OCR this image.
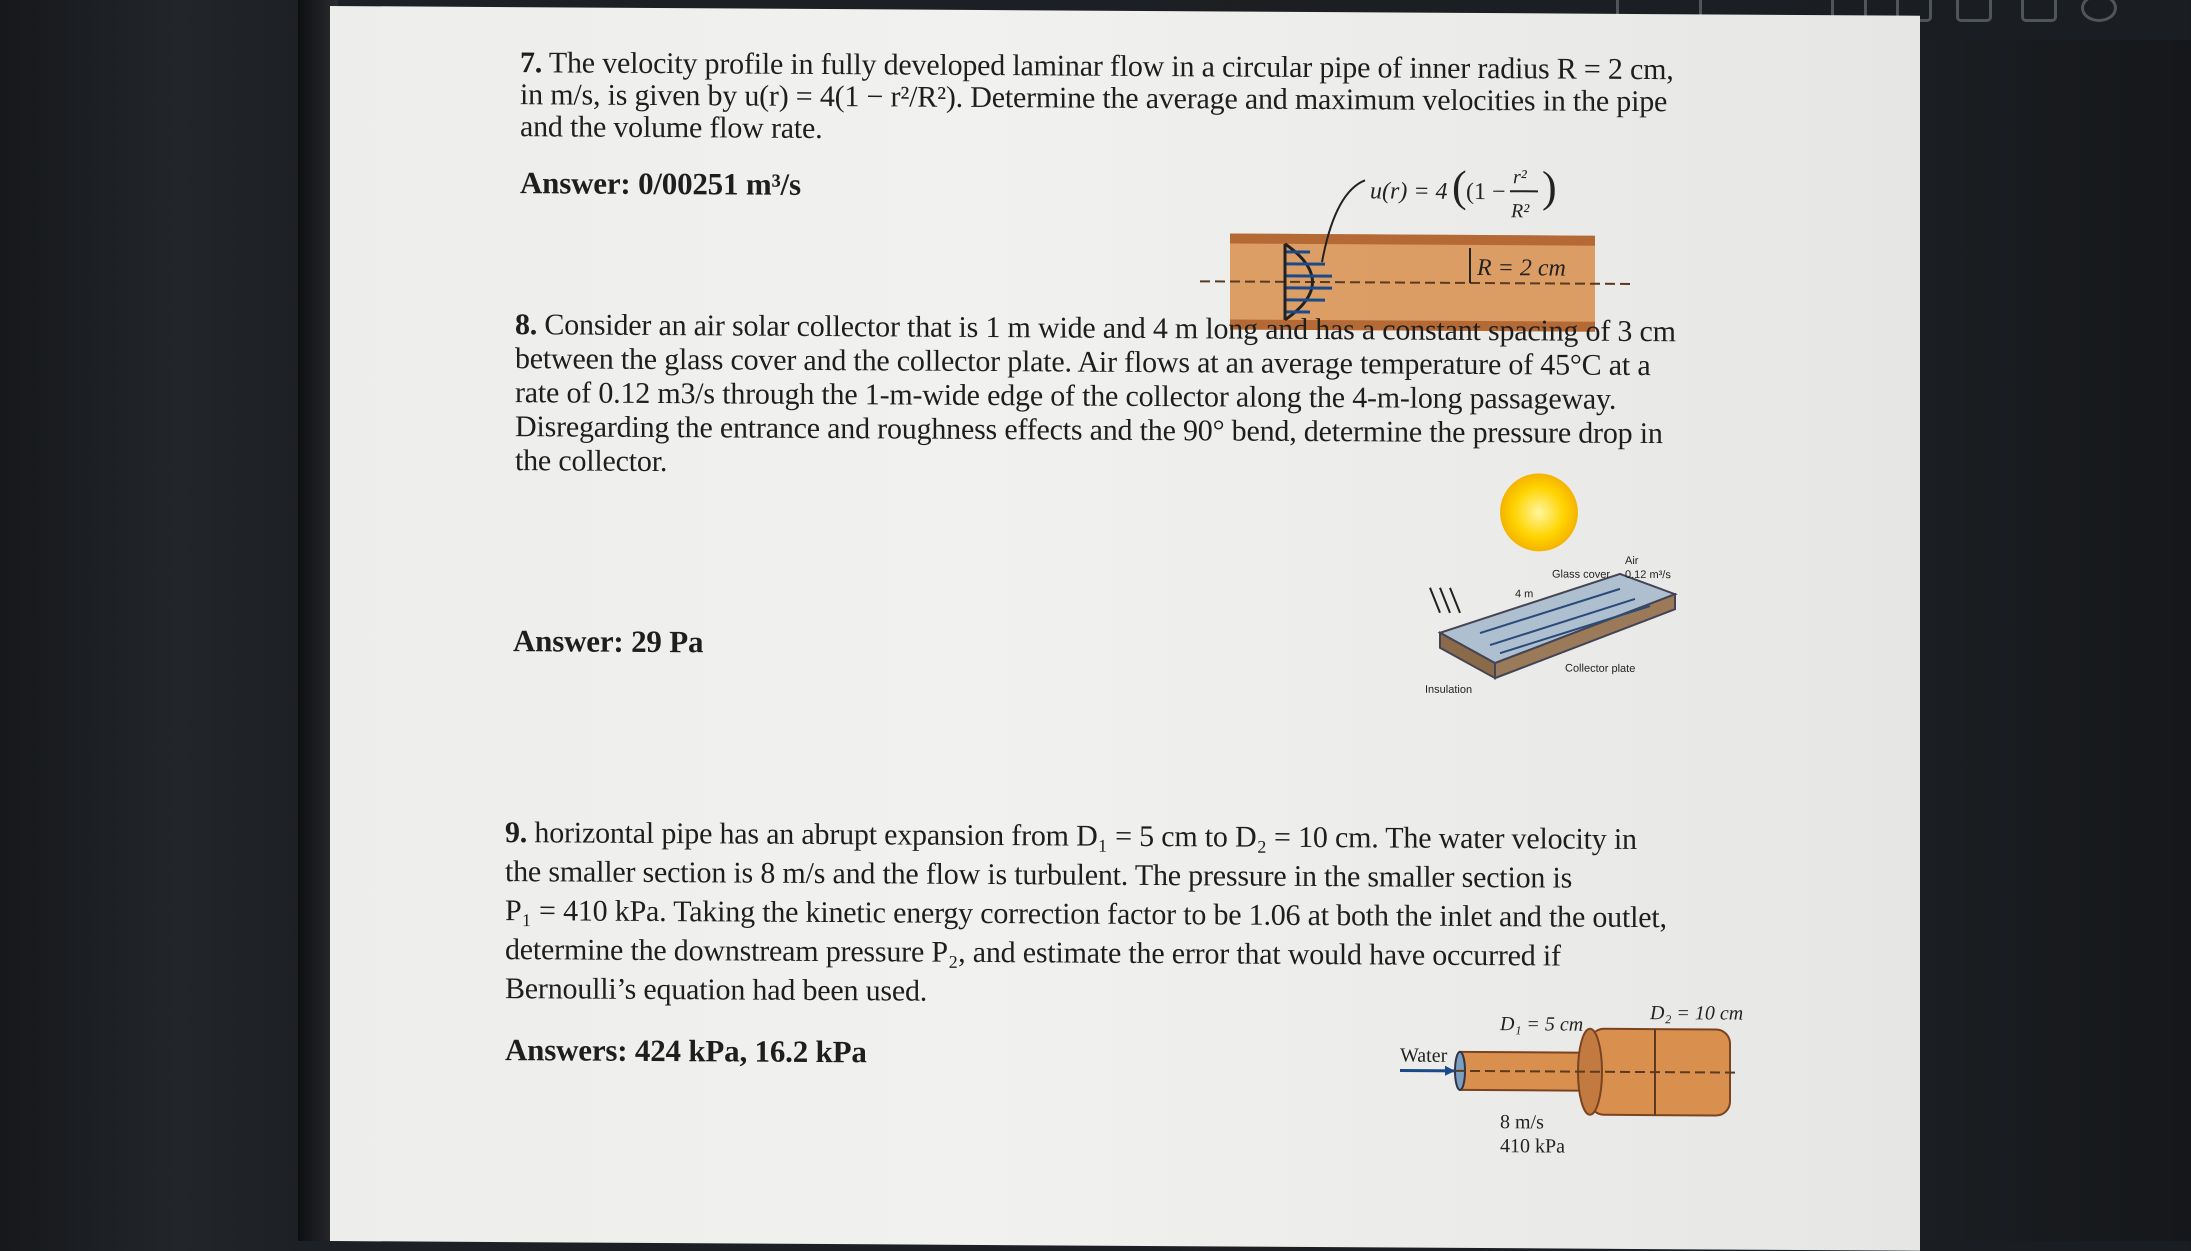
7. The velocity profile in fully developed laminar flow in a circular pipe of inner radius R = 2 cm,
in m/s, is given by u(r) = 4(1 − r²/R²). Determine the average and maximum velocities in the pipe
and the volume flow rate.
Answer: 0/00251 m³/s	u(r) = 4 ( (1 −
r²
R² )
R = 2 cm
8. Consider an air solar collector that is 1 m wide and 4 m long and has a constant spacing of 3 cm
between the glass cover and the collector plate. Air flows at an average temperature of 45°C at a
rate of 0.12 m3/s through the 1-m-wide edge of the collector along the 4-m-long passageway.
Disregarding the entrance and roughness effects and the 90° bend, determine the pressure drop in
the collector.
Answer: 29 Pa
Glass cover
Air
0.12 m³/s
4 m
Collector plate
Insulation
9. horizontal pipe has an abrupt expansion from D₁ = 5 cm to D₂ = 10 cm. The water velocity in
the smaller section is 8 m/s and the flow is turbulent. The pressure in the smaller section is
P₁ = 410 kPa. Taking the kinetic energy correction factor to be 1.06 at both the inlet and the outlet,
determine the downstream pressure P₂, and estimate the error that would have occurred if
Bernoulli’s equation had been used.
Answers: 424 kPa, 16.2 kPa	Water
D₁ = 5 cm	D₂ = 10 cm
8 m/s
410 kPa
